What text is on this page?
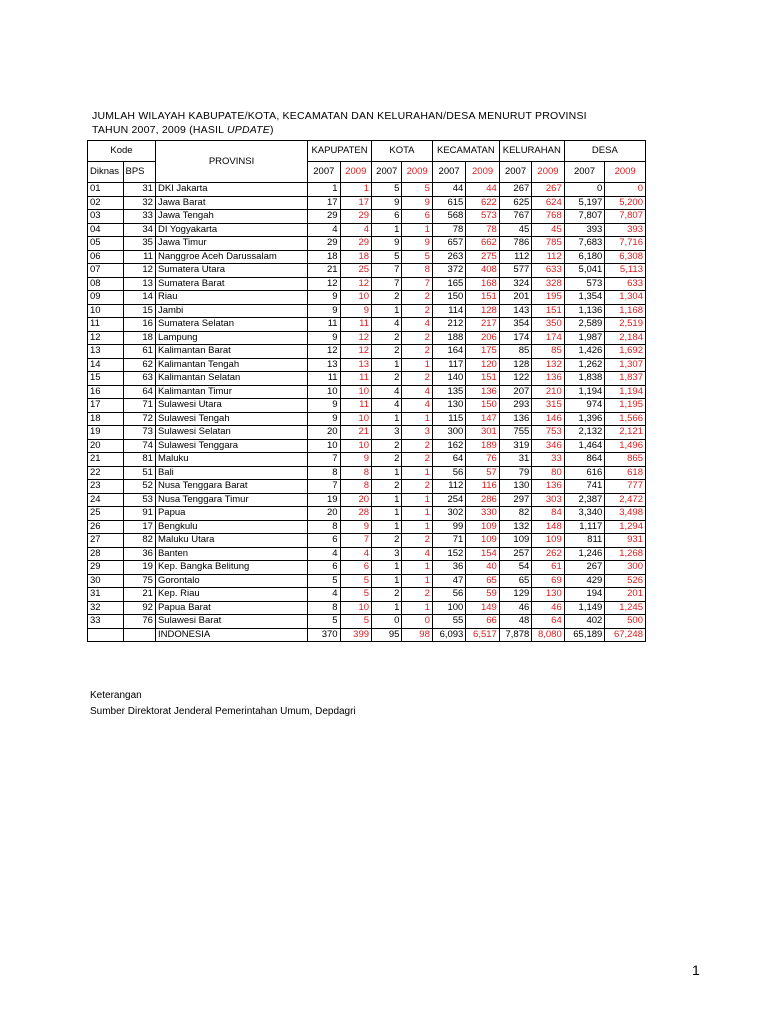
JUMLAH WILAYAH KABUPATE/KOTA, KECAMATAN DAN KELURAHAN/DESA MENURUT PROVINSI
TAHUN 2007, 2009 (HASIL UPDATE)
Kode		PROVINSI	KAPUPATEN		KOTA		KECAMATAN		KELURAHAN		DESA	
Diknas	BPS		2007	2009	2007	2009	2007	2009	2007	2009	2007	2009
01	31	DKI Jakarta	1	1	5	5	44	44	267	267	0	0
02	32	Jawa Barat	17	17	9	9	615	622	625	624	5,197	5,200
03	33	Jawa Tengah	29	29	6	6	568	573	767	768	7,807	7,807
04	34	DI Yogyakarta	4	4	1	1	78	78	45	45	393	393
05	35	Jawa Timur	29	29	9	9	657	662	786	785	7,683	7,716
06	11	Nanggroe Aceh Darussalam	18	18	5	5	263	275	112	112	6,180	6,308
07	12	Sumatera Utara	21	25	7	8	372	408	577	633	5,041	5,113
08	13	Sumatera Barat	12	12	7	7	165	168	324	328	573	633
09	14	Riau	9	10	2	2	150	151	201	195	1,354	1,304
10	15	Jambi	9	9	1	2	114	128	143	151	1,136	1,168
11	16	Sumatera Selatan	11	11	4	4	212	217	354	350	2,589	2,519
12	18	Lampung	9	12	2	2	188	206	174	174	1,987	2,184
13	61	Kalimantan Barat	12	12	2	2	164	175	85	85	1,426	1,692
14	62	Kalimantan Tengah	13	13	1	1	117	120	128	132	1,262	1,307
15	63	Kalimantan Selatan	11	11	2	2	140	151	122	136	1,838	1,837
16	64	Kalimantan Timur	10	10	4	4	135	136	207	210	1,194	1,194
17	71	Sulawesi Utara	9	11	4	4	130	150	293	315	974	1,195
18	72	Sulawesi Tengah	9	10	1	1	115	147	136	146	1,396	1,566
19	73	Sulawesi Selatan	20	21	3	3	300	301	755	753	2,132	2,121
20	74	Sulawesi Tenggara	10	10	2	2	162	189	319	346	1,464	1,496
21	81	Maluku	7	9	2	2	64	76	31	33	864	865
22	51	Bali	8	8	1	1	56	57	79	80	616	618
23	52	Nusa Tenggara Barat	7	8	2	2	112	116	130	136	741	777
24	53	Nusa Tenggara Timur	19	20	1	1	254	286	297	303	2,387	2,472
25	91	Papua	20	28	1	1	302	330	82	84	3,340	3,498
26	17	Bengkulu	8	9	1	1	99	109	132	148	1,117	1,294
27	82	Maluku Utara	6	7	2	2	71	109	109	109	811	931
28	36	Banten	4	4	3	4	152	154	257	262	1,246	1,268
29	19	Kep. Bangka Belitung	6	6	1	1	36	40	54	61	267	300
30	75	Gorontalo	5	5	1	1	47	65	65	69	429	526
31	21	Kep. Riau	4	5	2	2	56	59	129	130	194	201
32	92	Papua Barat	8	10	1	1	100	149	46	46	1,149	1,245
33	76	Sulawesi Barat	5	5	0	0	55	66	48	64	402	500
		INDONESIA	370	399	95	98	6,093	6,517	7,878	8,080	65,189	67,248
Keterangan
Sumber Direktorat Jenderal Pemerintahan Umum, Depdagri
1
